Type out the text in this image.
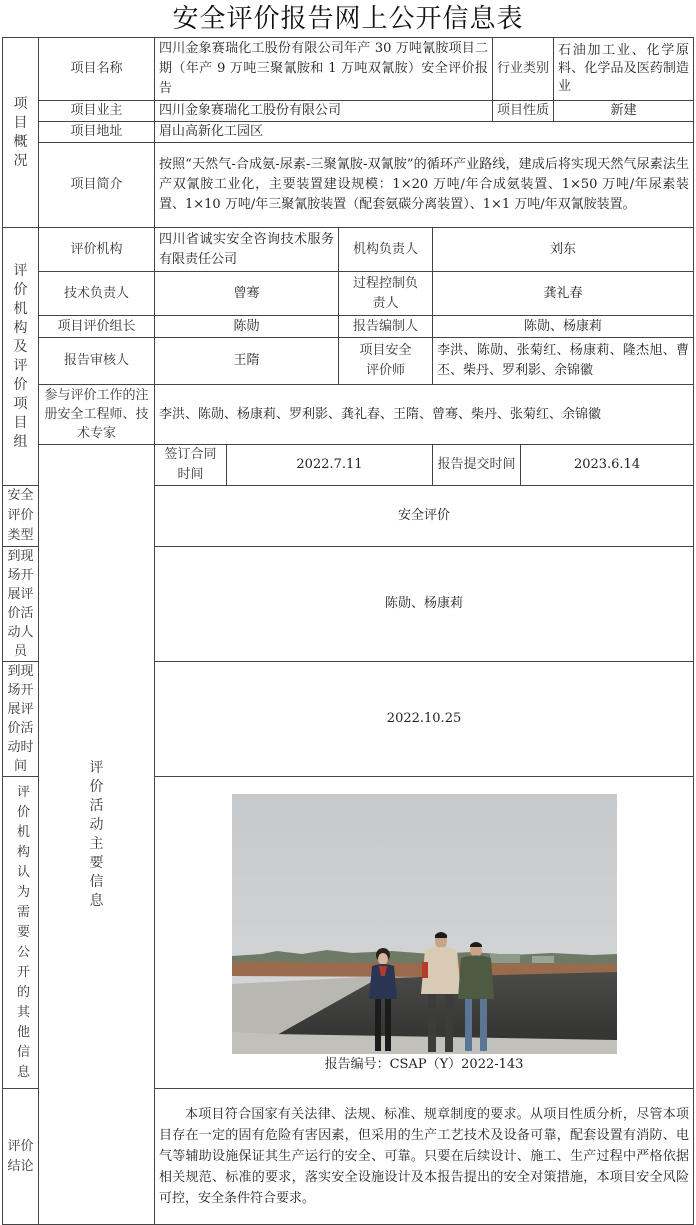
安全评价报告网上公开信息表
项目概况	项目名称	四川金象赛瑞化工股份有限公司年产 30 万吨氰胺项目二期（年产 9 万吨三聚氰胺和 1 万吨双氰胺）安全评价报告				行业类别		石油加工业、化学原料、化学品及医药制造业
	项目业主	四川金象赛瑞化工股份有限公司				项目性质		新建
	项目地址	眉山高新化工园区						
	项目简介	按照“天然气-合成氨-尿素-三聚氰胺-双氰胺”的循环产业路线，建成后将实现天然气尿素法生产双氰胺工业化，主要装置建设规模：1×20 万吨/年合成氨装置、1×50 万吨/年尿素装置、1×10 万吨/年三聚氰胺装置（配套氨碳分离装置）、1×1 万吨/年双氰胺装置。						

评价机构及评价项目组	评价机构	四川省诚实安全咨询技术服务有限责任公司		机构负责人	刘东			
	技术负责人	曾骞		过程控制负责人	龚礼春			
	项目评价组长	陈勋		报告编制人	陈勋、杨康莉			
	报告审核人	王隋		项目安全评价师	李洪、陈勋、张菊红、杨康莉、隆杰旭、曹丕、柴丹、罗利影、余锦徽			
	参与评价工作的注册安全工程师、技术专家	李洪、陈勋、杨康莉、罗利影、龚礼春、王隋、曾骞、柴丹、张菊红、余锦徽						

	评价活动主要信息	签订合同时间	2022.7.11		报告提交时间		2023.6.14	
安全评价类型		安全评价						
到现场开展评价活动人员		陈勋、杨康莉						
到现场开展评价活动时间		2022.10.25						
评价机构认为需要公开的其他信息		报告编号：CSAP（Y）2022-143						

评价结论		本项目符合国家有关法律、法规、标准、规章制度的要求。从项目性质分析，尽管本项目存在一定的固有危险有害因素，但采用的生产工艺技术及设备可靠，配套设置有消防、电气等辅助设施保证其生产运行的安全、可靠。只要在后续设计、施工、生产过程中严格依据相关规范、标准的要求，落实安全设施设计及本报告提出的安全对策措施，本项目安全风险可控，安全条件符合要求。						
